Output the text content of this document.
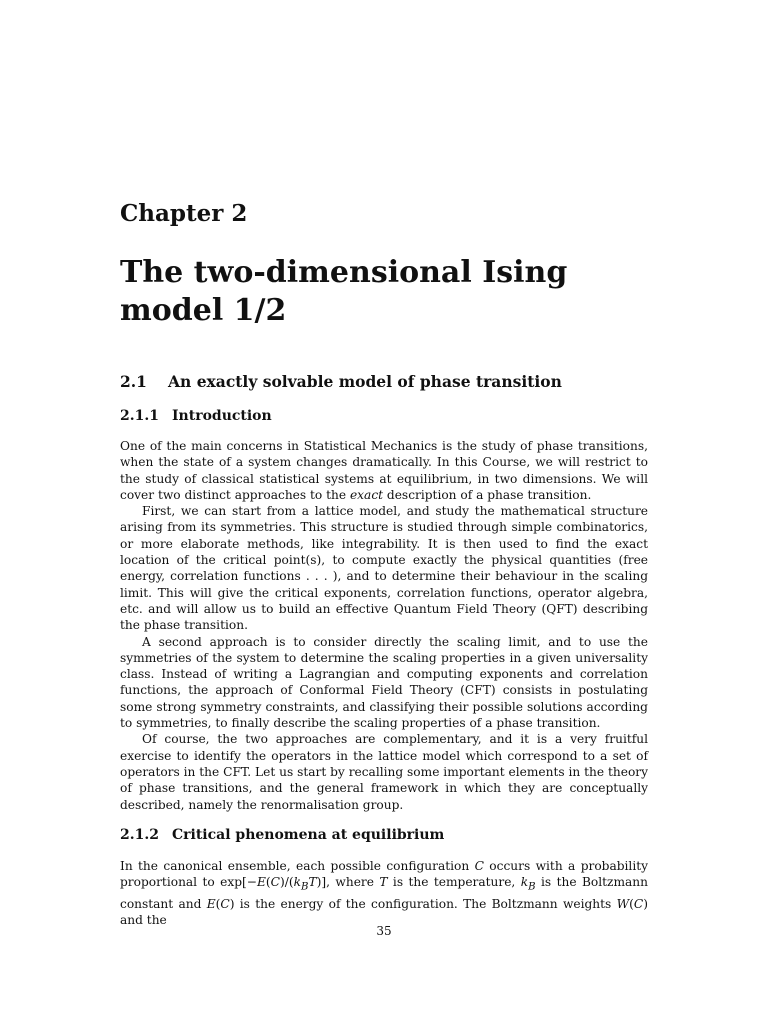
Chapter 2
The two-dimensional Ising model 1/2
2.1 An exactly solvable model of phase transition
2.1.1 Introduction

One of the main concerns in Statistical Mechanics is the study of phase transitions, when the state of a system changes dramatically. In this Course, we will restrict to the study of classical statistical systems at equilibrium, in two dimensions. We will cover two distinct approaches to the exact description of a phase transition.

First, we can start from a lattice model, and study the mathematical structure arising from its symmetries. This structure is studied through simple combinatorics, or more elaborate methods, like integrability. It is then used to find the exact location of the critical point(s), to compute exactly the physical quantities (free energy, correlation functions . . . ), and to determine their behaviour in the scaling limit. This will give the critical exponents, correlation functions, operator algebra, etc. and will allow us to build an effective Quantum Field Theory (QFT) describing the phase transition.

A second approach is to consider directly the scaling limit, and to use the symmetries of the system to determine the scaling properties in a given universality class. Instead of writing a Lagrangian and computing exponents and correlation functions, the approach of Conformal Field Theory (CFT) consists in postulating some strong symmetry constraints, and classifying their possible solutions according to symmetries, to finally describe the scaling properties of a phase transition.

Of course, the two approaches are complementary, and it is a very fruitful exercise to identify the operators in the lattice model which correspond to a set of operators in the CFT. Let us start by recalling some important elements in the theory of phase transitions, and the general framework in which they are conceptually described, namely the renormalisation group.

2.1.2 Critical phenomena at equilibrium

In the canonical ensemble, each possible configuration C occurs with a probability proportional to $\exp[-E(C)/(k_BT)]$, where T is the temperature, $k_B$ is the Boltzmann constant and E(C) is the energy of the configuration. The Boltzmann weights W(C) and the

35
